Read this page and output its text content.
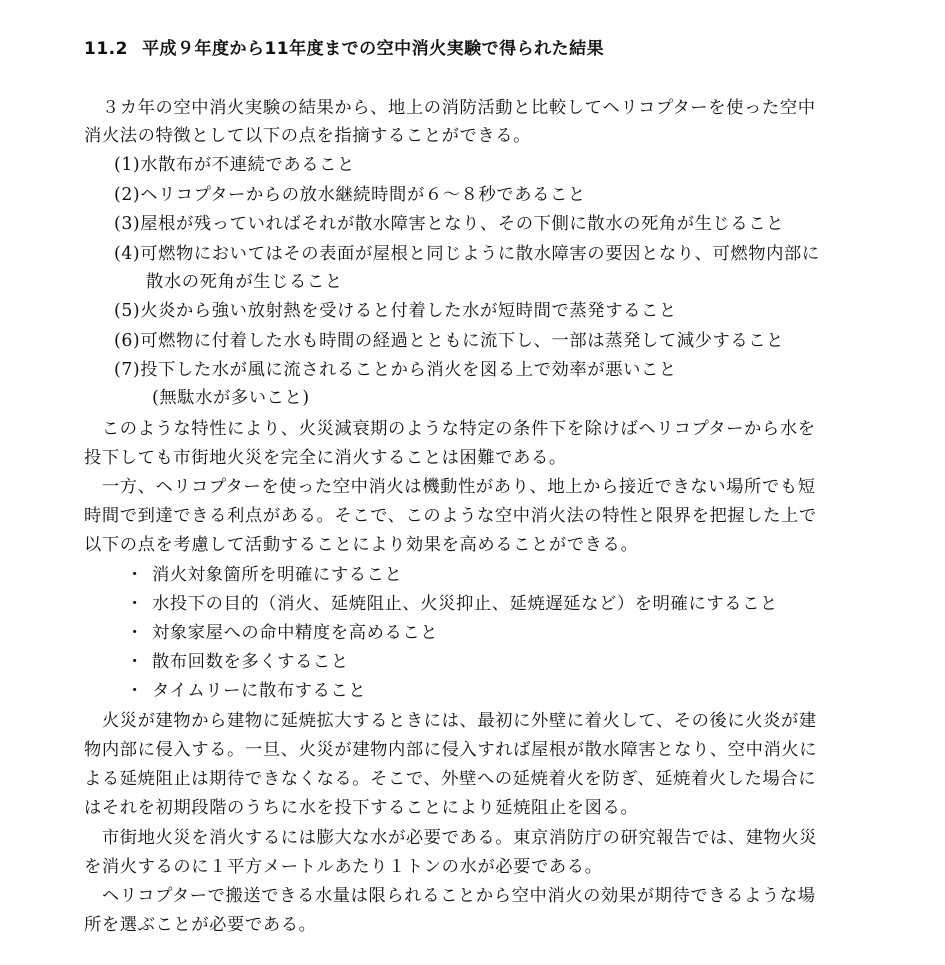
11.2 平成９年度から11年度までの空中消火実験で得られた結果
　３カ年の空中消火実験の結果から、地上の消防活動と比較してヘリコプターを使った空中
消火法の特徴として以下の点を指摘することができる。
(1)水散布が不連続であること
(2)ヘリコプターからの放水継続時間が６～８秒であること
(3)屋根が残っていればそれが散水障害となり、その下側に散水の死角が生じること
(4)可燃物においてはその表面が屋根と同じように散水障害の要因となり、可燃物内部に
散水の死角が生じること
(5)火炎から強い放射熱を受けると付着した水が短時間で蒸発すること
(6)可燃物に付着した水も時間の経過とともに流下し、一部は蒸発して減少すること
(7)投下した水が風に流されることから消火を図る上で効率が悪いこと
(無駄水が多いこと)
　このような特性により、火災減衰期のような特定の条件下を除けばヘリコプターから水を
投下しても市街地火災を完全に消火することは困難である。
　一方、ヘリコプターを使った空中消火は機動性があり、地上から接近できない場所でも短
時間で到達できる利点がある。そこで、このような空中消火法の特性と限界を把握した上で
以下の点を考慮して活動することにより効果を高めることができる。
・ 消火対象箇所を明確にすること
・ 水投下の目的（消火、延焼阻止、火災抑止、延焼遅延など）を明確にすること
・ 対象家屋への命中精度を高めること
・ 散布回数を多くすること
・ タイムリーに散布すること
　火災が建物から建物に延焼拡大するときには、最初に外壁に着火して、その後に火炎が建
物内部に侵入する。一旦、火災が建物内部に侵入すれば屋根が散水障害となり、空中消火に
よる延焼阻止は期待できなくなる。そこで、外壁への延焼着火を防ぎ、延焼着火した場合に
はそれを初期段階のうちに水を投下することにより延焼阻止を図る。
　市街地火災を消火するには膨大な水が必要である。東京消防庁の研究報告では、建物火災
を消火するのに１平方メートルあたり１トンの水が必要である。
　ヘリコプターで搬送できる水量は限られることから空中消火の効果が期待できるような場
所を選ぶことが必要である。
